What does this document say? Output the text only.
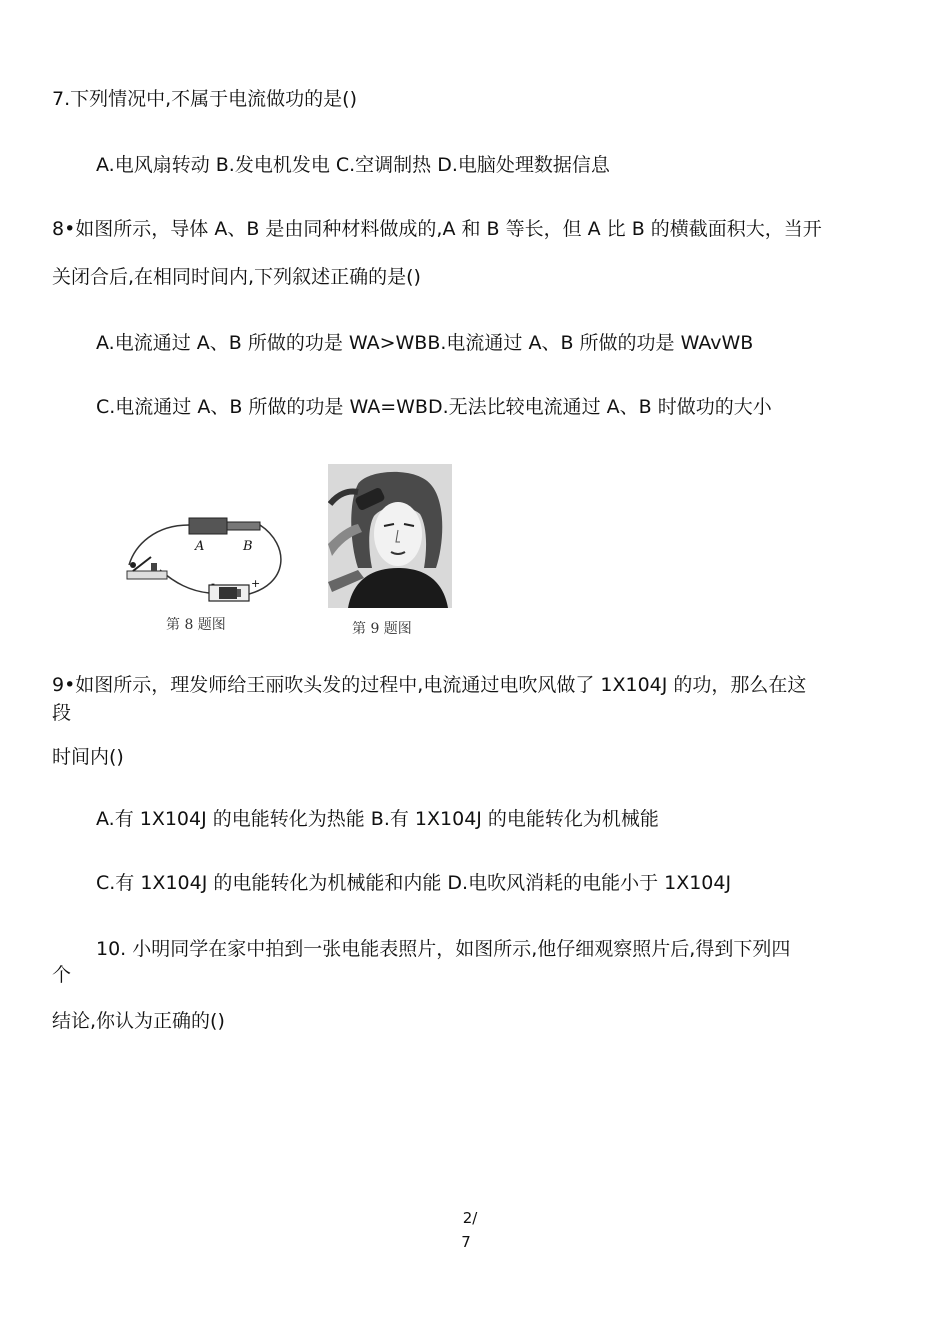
7.下列情况中,不属于电流做功的是()
A.电风扇转动 B.发电机发电 C.空调制热 D.电脑处理数据信息
8•如图所示，导体 A、B 是由同种材料做成的,A 和 B 等长，但 A 比 B 的横截面积大，当开
关闭合后,在相同时间内,下列叙述正确的是()
A.电流通过 A、B 所做的功是 WA>WBB.电流通过 A、B 所做的功是 WAvWB
C.电流通过 A、B 所做的功是 WA=WBD.无法比较电流通过 A、B 时做功的大小
A	B
-	+
第 8 题图	第 9 题图
9•如图所示，理发师给王丽吹头发的过程中,电流通过电吹风做了 1X104J 的功，那么在这
段
时间内()
A.有 1X104J 的电能转化为热能 B.有 1X104J 的电能转化为机械能
C.有 1X104J 的电能转化为机械能和内能 D.电吹风消耗的电能小于 1X104J
10. 小明同学在家中拍到一张电能表照片，如图所示,他仔细观察照片后,得到下列四
个
结论,你认为正确的()
2/
7
